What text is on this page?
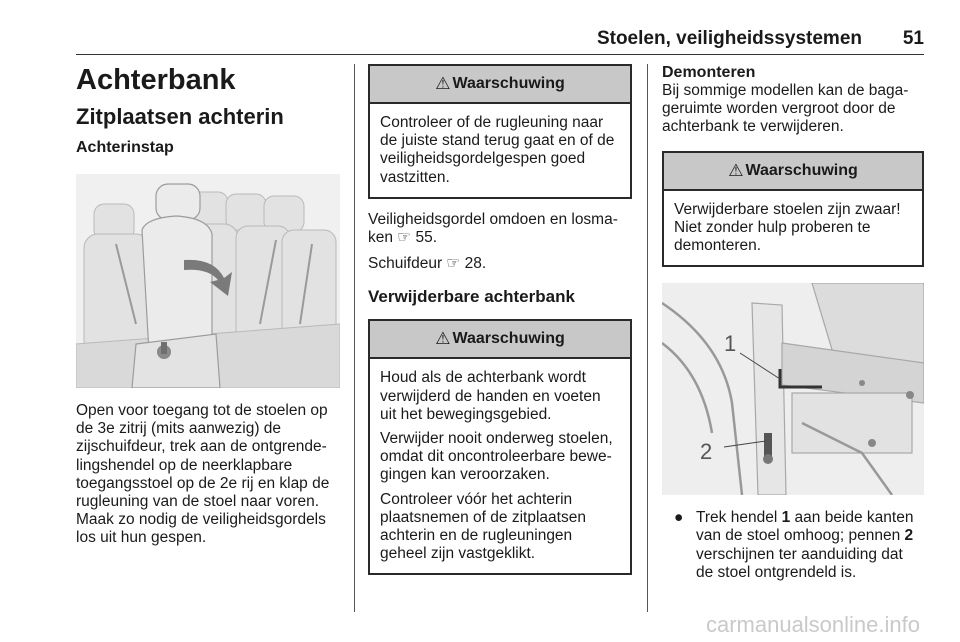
Stoelen, veiligheidssystemen 51
Achterbank
Zitplaatsen achterin
Achterinstap

Open voor toegang tot de stoelen op de 3e zitrij (mits aanwezig) de zijschuifdeur, trek aan de ontgrendelingshendel op de neerklapbare toegangsstoel op de 2e rij en klap de rugleuning van de stoel naar voren. Maak zo nodig de veiligheidsgordels los uit hun gespen.

⚠ Waarschuwing

Controleer of de rugleuning naar de juiste stand terug gaat en of de veiligheidsgordelgespen goed vastzitten.

Veiligheidsgordel omdoen en losmaken ☞ 55.

Schuifdeur ☞ 28.

Verwijderbare achterbank
⚠ Waarschuwing

Houd als de achterbank wordt verwijderd de handen en voeten uit het bewegingsgebied.

Verwijder nooit onderweg stoelen, omdat dit oncontroleerbare bewegingen kan veroorzaken.

Controleer vóór het achterin plaatsnemen of de zitplaatsen achterin en de rugleuningen geheel zijn vastgeklikt.

Demonteren

Bij sommige modellen kan de bagageruimte worden vergroot door de achterbank te verwijderen.

⚠ Waarschuwing

Verwijderbare stoelen zijn zwaar! Niet zonder hulp proberen te demonteren.

1
2
● Trek hendel 1 aan beide kanten van de stoel omhoog; pennen 2 verschijnen ter aanduiding dat de stoel ontgrendeld is.

carmanualsonline.info
